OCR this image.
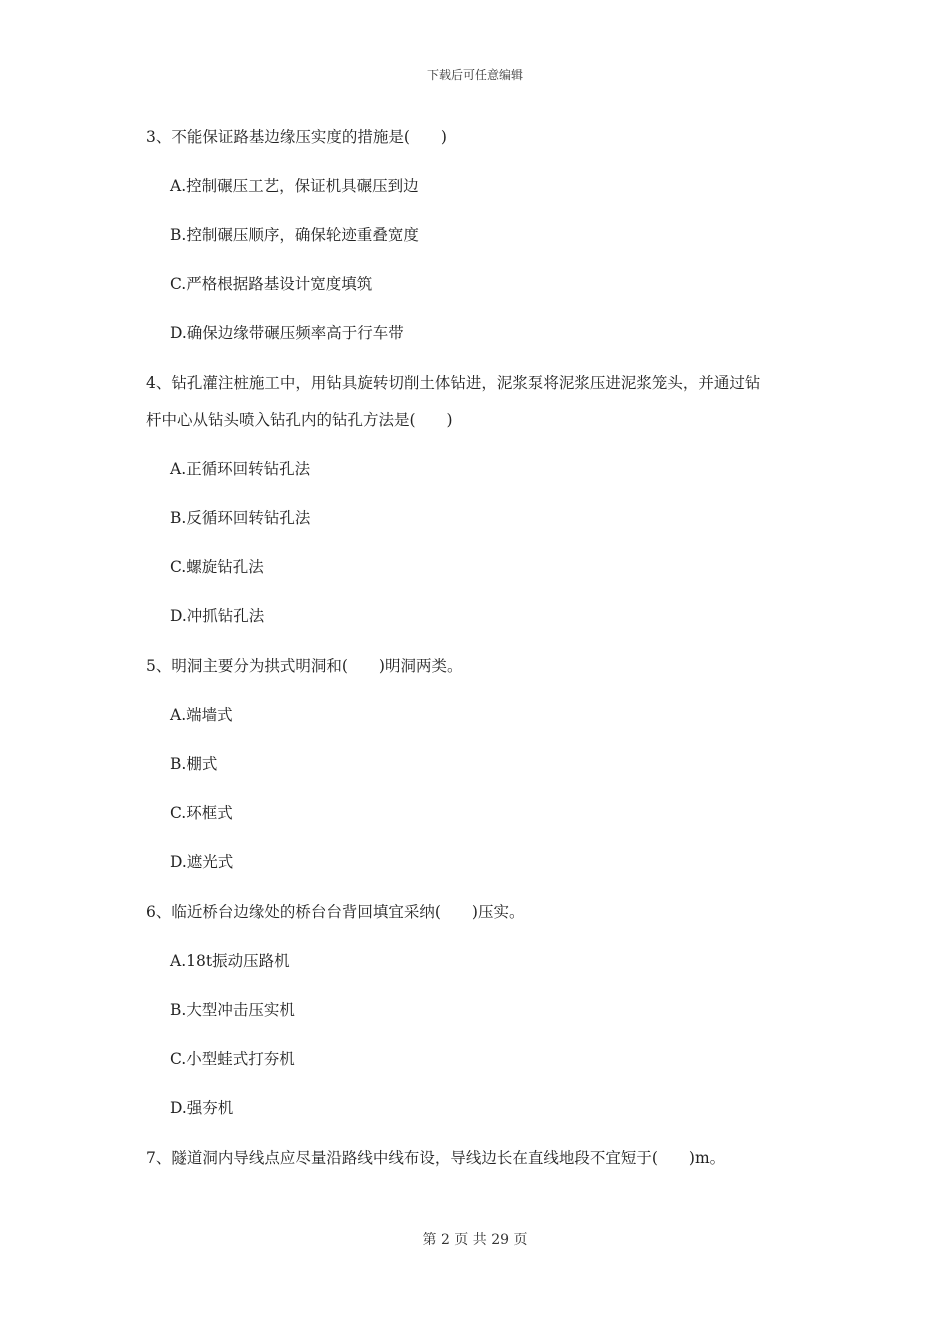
下载后可任意编辑
3、不能保证路基边缘压实度的措施是(　　)
A.控制碾压工艺，保证机具碾压到边
B.控制碾压顺序，确保轮迹重叠宽度
C.严格根据路基设计宽度填筑
D.确保边缘带碾压频率高于行车带
4、钻孔灌注桩施工中，用钻具旋转切削土体钻进，泥浆泵将泥浆压进泥浆笼头，并通过钻
杆中心从钻头喷入钻孔内的钻孔方法是(　　)
A.正循环回转钻孔法
B.反循环回转钻孔法
C.螺旋钻孔法
D.冲抓钻孔法
5、明洞主要分为拱式明洞和(　　)明洞两类。
A.端墙式
B.棚式
C.环框式
D.遮光式
6、临近桥台边缘处的桥台台背回填宜采纳(　　)压实。
A.18t振动压路机
B.大型冲击压实机
C.小型蛙式打夯机
D.强夯机
7、隧道洞内导线点应尽量沿路线中线布设，导线边长在直线地段不宜短于(　　)m。
第 2 页 共 29 页
